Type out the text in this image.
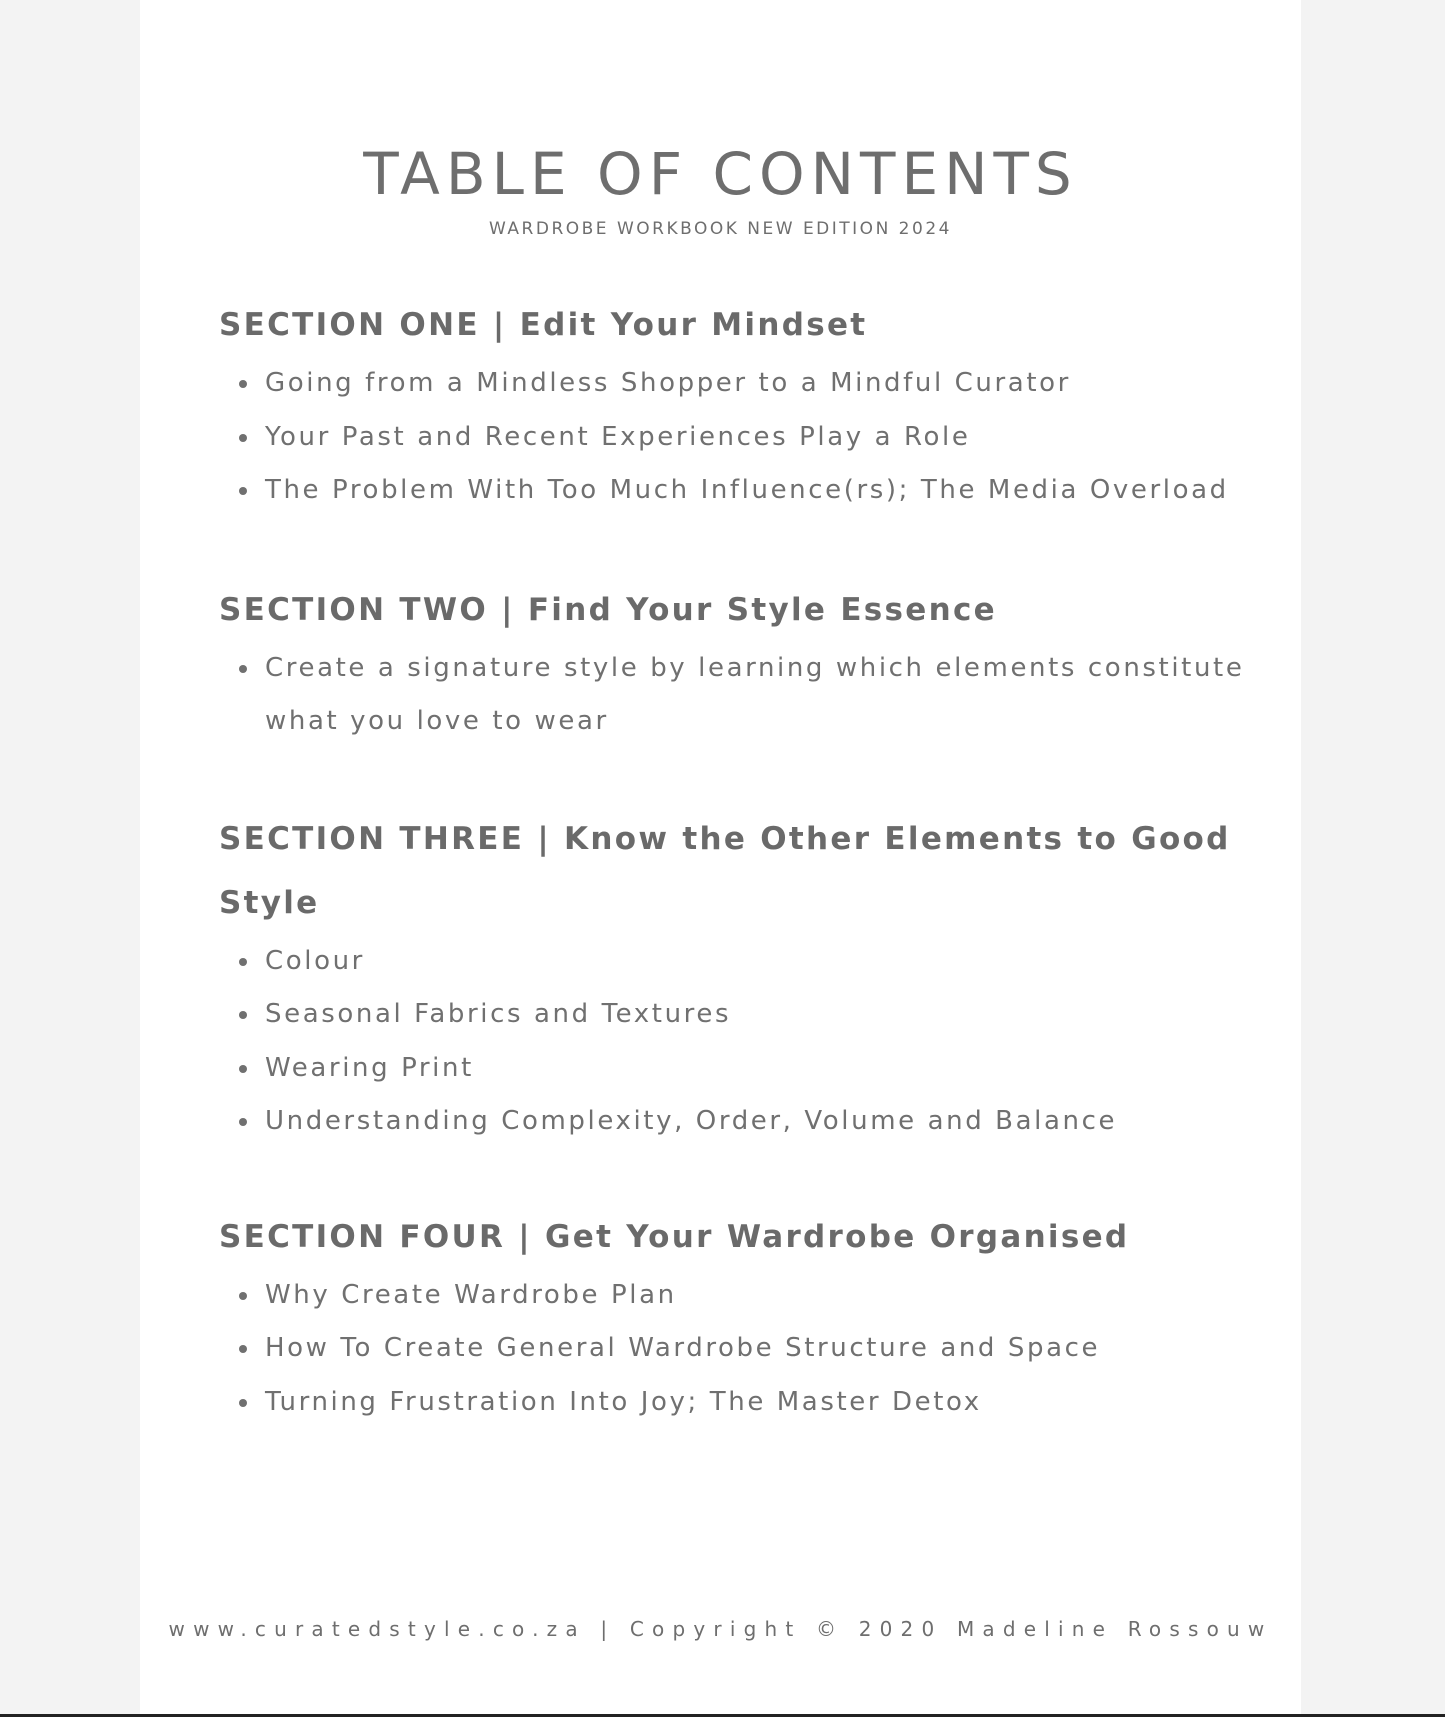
TABLE OF CONTENTS
WARDROBE WORKBOOK NEW EDITION 2024
SECTION ONE | Edit Your Mindset
Going from a Mindless Shopper to a Mindful Curator
Your Past and Recent Experiences Play a Role
The Problem With Too Much Influence(rs); The Media Overload
SECTION TWO | Find Your Style Essence
Create a signature style by learning which elements constitute what you love to wear
SECTION THREE | Know the Other Elements to Good Style
Colour
Seasonal Fabrics and Textures
Wearing Print
Understanding Complexity, Order, Volume and Balance
SECTION FOUR | Get Your Wardrobe Organised
Why Create Wardrobe Plan
How To Create General Wardrobe Structure and Space
Turning Frustration Into Joy; The Master Detox
www.curatedstyle.co.za | Copyright © 2020 Madeline Rossouw
